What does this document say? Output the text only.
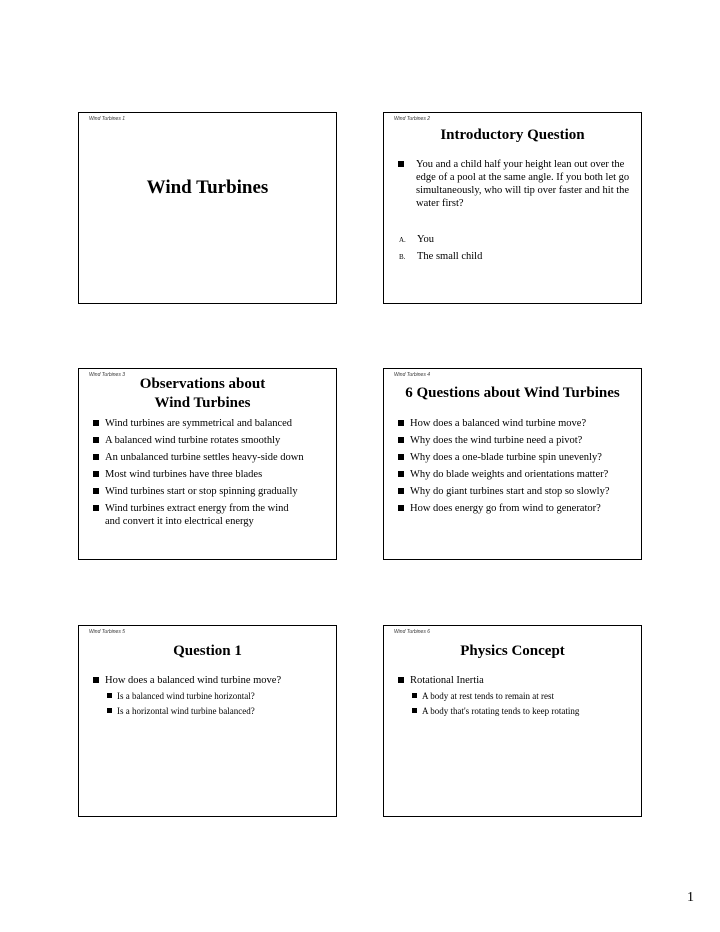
Wind Turbines 1
Wind Turbines
Wind Turbines 2
Introductory Question
You and a child half your height lean out over the edge of a pool at the same angle. If you both let go simultaneously, who will tip over faster and hit the water first?
A. You
B. The small child
Wind Turbines 3
Observations about
Wind Turbines
Wind turbines are symmetrical and balanced
A balanced wind turbine rotates smoothly
An unbalanced turbine settles heavy-side down
Most wind turbines have three blades
Wind turbines start or stop spinning gradually
Wind turbines extract energy from the wind and convert it into electrical energy
Wind Turbines 4
6 Questions about Wind Turbines
How does a balanced wind turbine move?
Why does the wind turbine need a pivot?
Why does a one-blade turbine spin unevenly?
Why do blade weights and orientations matter?
Why do giant turbines start and stop so slowly?
How does energy go from wind to generator?
Wind Turbines 5
Question 1
How does a balanced wind turbine move?
Is a balanced wind turbine horizontal?
Is a horizontal wind turbine balanced?
Wind Turbines 6
Physics Concept
Rotational Inertia
A body at rest tends to remain at rest
A body that's rotating tends to keep rotating
1
